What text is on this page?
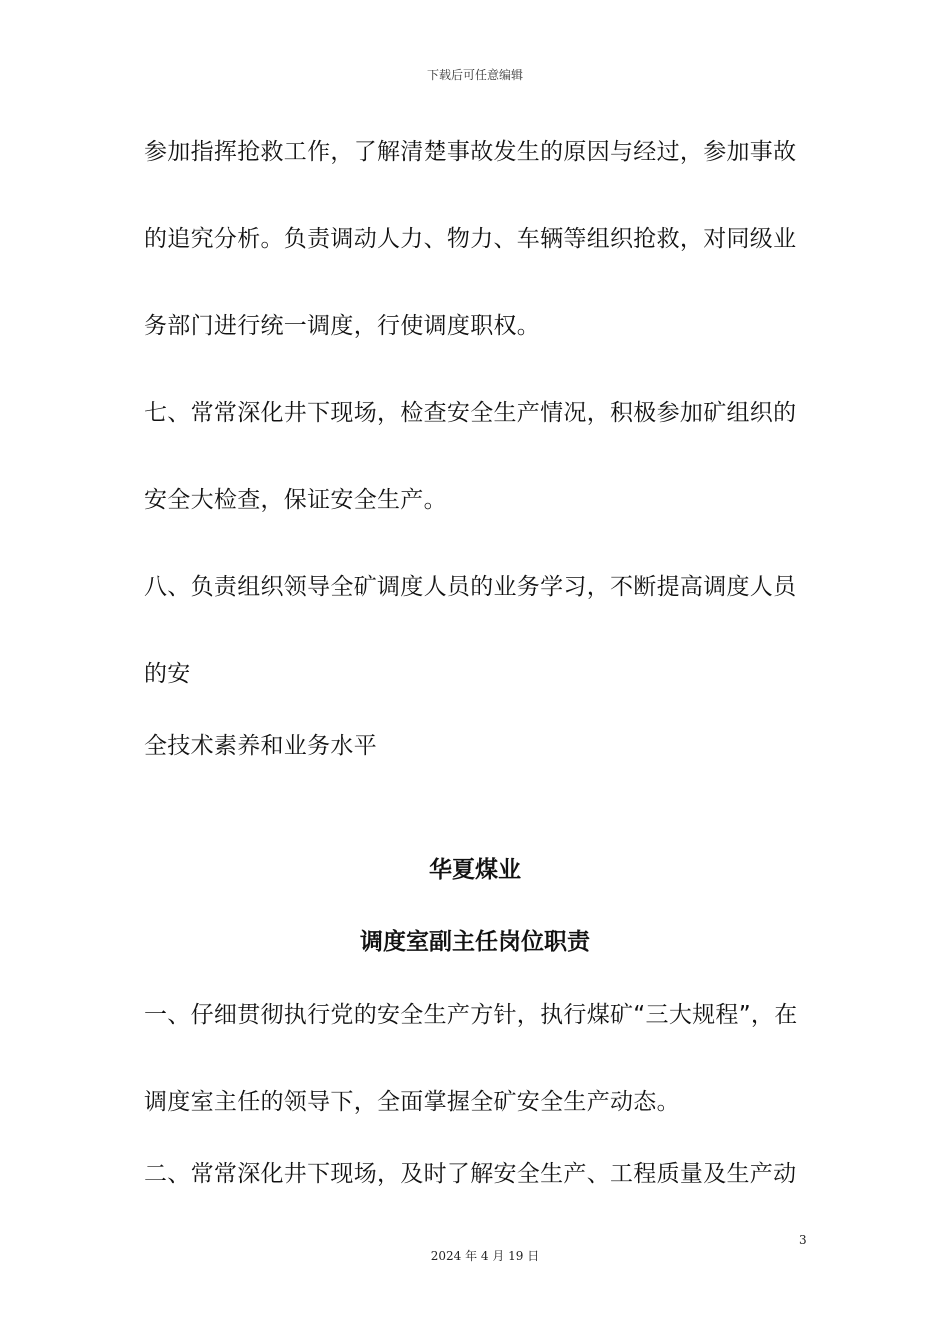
下载后可任意编辑
参加指挥抢救工作，了解清楚事故发生的原因与经过，参加事故
的追究分析。负责调动人力、物力、车辆等组织抢救，对同级业
务部门进行统一调度，行使调度职权。
七、常常深化井下现场，检查安全生产情况，积极参加矿组织的
安全大检查，保证安全生产。
八、负责组织领导全矿调度人员的业务学习，不断提高调度人员
的安
全技术素养和业务水平
华夏煤业
调度室副主任岗位职责
一、仔细贯彻执行党的安全生产方针，执行煤矿“三大规程”，在
调度室主任的领导下，全面掌握全矿安全生产动态。
二、常常深化井下现场，及时了解安全生产、工程质量及生产动
3
2024 年 4 月 19 日
